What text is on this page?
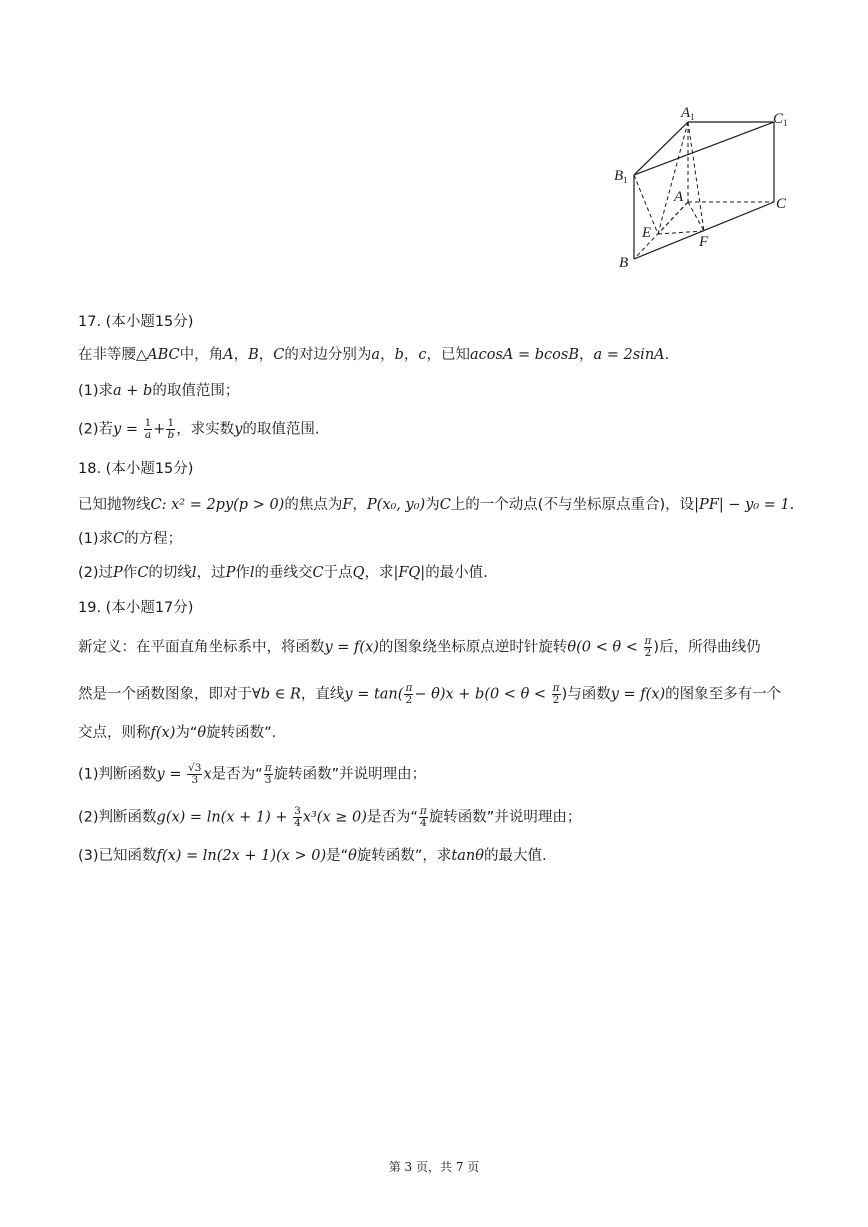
$A_1$	$C_1$
$B_1$
A	C
E
F
B
17. (本小题15分)
在非等腰△ABC中，角A，B，C的对边分别为a，b，c，已知acosA = bcosB，a = 2sinA.
(1)求a + b的取值范围；
(2)若$y = \frac{1}{a} + \frac{1}{b}$ ，求实数y的取值范围.
18. (本小题15分)
已知抛物线C: x² = 2py(p > 0)的焦点为F，P(x₀, y₀)为C上的一个动点(不与坐标原点重合)，设|PF| − y₀ = 1.
(1)求C的方程；
(2)过P作C的切线l，过P作l的垂线交C于点Q，求|FQ|的最小值.
19. (本小题17分)
新定义：在平面直角坐标系中，将函数y = f(x)的图象绕坐标原点逆时针旋转$\theta(0 < \theta < \frac{\pi}{2}$ )后，所得曲线仍
然是一个函数图象，即对于∀b ∈ R，直线$y = \tan( \frac{\pi}{2} - \theta)x + b(0 < \theta < \frac{\pi}{2}$ )与函数y = f(x)的图象至多有一个
交点，则称f(x)为“θ旋转函数”.
(1)判断函数$y = \frac{√3}{3}$ x是否为“ $\frac{\pi}{3}$ 旋转函数”并说明理由；
(2)判断函数$g(x) = \ln(x + 1) + \frac{3}{4} x^3(x \ge 0)$是否为“ $\frac{\pi}{4}$ 旋转函数”并说明理由；
(3)已知函数f(x) = ln(2x + 1)(x > 0)是“θ旋转函数”，求tanθ的最大值.
第 3 页，共 7 页
